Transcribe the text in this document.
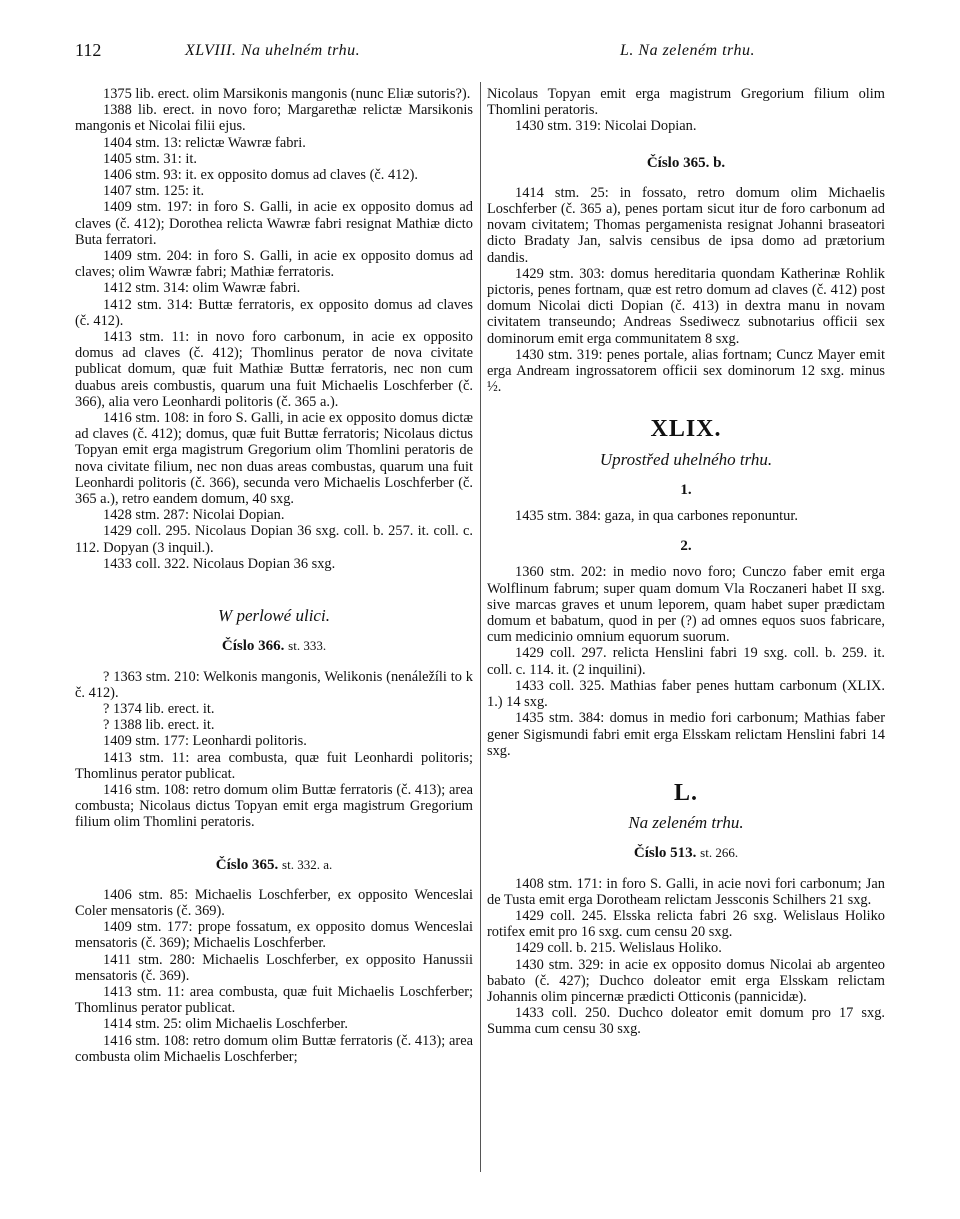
112	XLVIII. Na uhelném trhu.	L. Na zeleném trhu.

1375 lib. erect. olim Marsikonis mangonis (nunc Eliæ sutoris?).

1388 lib. erect. in novo foro; Margarethæ relictæ Marsikonis mangonis et Nicolai filii ejus.

1404 stm. 13: relictæ Wawræ fabri.

1405 stm. 31: it.

1406 stm. 93: it. ex opposito domus ad claves (č. 412).

1407 stm. 125: it.

1409 stm. 197: in foro S. Galli, in acie ex opposito domus ad claves (č. 412); Dorothea relicta Wawræ fabri resignat Mathiæ dicto Buta ferratori.

1409 stm. 204: in foro S. Galli, in acie ex opposito domus ad claves; olim Wawræ fabri; Mathiæ ferratoris.

1412 stm. 314: olim Wawræ fabri.

1412 stm. 314: Buttæ ferratoris, ex opposito domus ad claves (č. 412).

1413 stm. 11: in novo foro carbonum, in acie ex opposito domus ad claves (č. 412); Thomlinus perator de nova civitate publicat domum, quæ fuit Mathiæ Buttæ ferratoris, nec non cum duabus areis combustis, quarum una fuit Michaelis Loschferber (č. 366), alia vero Leonhardi politoris (č. 365 a.).

1416 stm. 108: in foro S. Galli, in acie ex opposito domus dictæ ad claves (č. 412); domus, quæ fuit Buttæ ferratoris; Nicolaus dictus Topyan emit erga magistrum Gregorium olim Thomlini peratoris de nova civitate filium, nec non duas areas combustas, quarum una fuit Leonhardi politoris (č. 366), secunda vero Michaelis Loschferber (č. 365 a.), retro eandem domum, 40 sxg.

1428 stm. 287: Nicolai Dopian.

1429 coll. 295. Nicolaus Dopian 36 sxg. coll. b. 257. it. coll. c. 112. Dopyan (3 inquil.).

1433 coll. 322. Nicolaus Dopian 36 sxg.

W perlowé ulici.

Číslo 366. st. 333.

? 1363 stm. 210: Welkonis mangonis, Welikonis (nenáležíli to k č. 412).

? 1374 lib. erect. it.

? 1388 lib. erect. it.

1409 stm. 177: Leonhardi politoris.

1413 stm. 11: area combusta, quæ fuit Leonhardi politoris; Thomlinus perator publicat.

1416 stm. 108: retro domum olim Buttæ ferratoris (č. 413); area combusta; Nicolaus dictus Topyan emit erga magistrum Gregorium filium olim Thomlini peratoris.

Číslo 365. st. 332. a.

1406 stm. 85: Michaelis Loschferber, ex opposito Wenceslai Coler mensatoris (č. 369).

1409 stm. 177: prope fossatum, ex opposito domus Wenceslai mensatoris (č. 369); Michaelis Loschferber.

1411 stm. 280: Michaelis Loschferber, ex opposito Hanussii mensatoris (č. 369).

1413 stm. 11: area combusta, quæ fuit Michaelis Loschferber; Thomlinus perator publicat.

1414 stm. 25: olim Michaelis Loschferber.

1416 stm. 108: retro domum olim Buttæ ferratoris (č. 413); area combusta olim Michaelis Loschferber;

Nicolaus Topyan emit erga magistrum Gregorium filium olim Thomlini peratoris.

1430 stm. 319: Nicolai Dopian.

Číslo 365. b.

1414 stm. 25: in fossato, retro domum olim Michaelis Loschferber (č. 365 a), penes portam sicut itur de foro carbonum ad novam civitatem; Thomas pergamenista resignat Johanni braseatori dicto Bradaty Jan, salvis censibus de ipsa domo ad prætorium dandis.

1429 stm. 303: domus hereditaria quondam Katherinæ Rohlik pictoris, penes fortnam, quæ est retro domum ad claves (č. 412) post domum Nicolai dicti Dopian (č. 413) in dextra manu in novam civitatem transeundo; Andreas Ssediwecz subnotarius officii sex dominorum emit erga communitatem 8 sxg.

1430 stm. 319: penes portale, alias fortnam; Cuncz Mayer emit erga Andream ingrossatorem officii sex dominorum 12 sxg. minus ½.

XLIX.

Uprostřed uhelného trhu.

1.

1435 stm. 384: gaza, in qua carbones reponuntur.

2.

1360 stm. 202: in medio novo foro; Cunczo faber emit erga Wolflinum fabrum; super quam domum Vla Roczaneri habet II sxg. sive marcas graves et unum leporem, quam habet super prædictam domum et babatum, quod in per (?) ad omnes equos suos fabricare, cum medicinio omnium equorum suorum.

1429 coll. 297. relicta Henslini fabri 19 sxg. coll. b. 259. it. coll. c. 114. it. (2 inquilini).

1433 coll. 325. Mathias faber penes huttam carbonum (XLIX. 1.) 14 sxg.

1435 stm. 384: domus in medio fori carbonum; Mathias faber gener Sigismundi fabri emit erga Elsskam relictam Henslini fabri 14 sxg.

L.

Na zeleném trhu.

Číslo 513. st. 266.

1408 stm. 171: in foro S. Galli, in acie novi fori carbonum; Jan de Tusta emit erga Dorotheam relictam Jessconis Schilhers 21 sxg.

1429 coll. 245. Elsska relicta fabri 26 sxg. Welislaus Holiko rotifex emit pro 16 sxg. cum censu 20 sxg.

1429 coll. b. 215. Welislaus Holiko.

1430 stm. 329: in acie ex opposito domus Nicolai ab argenteo babato (č. 427); Duchco doleator emit erga Elsskam relictam Johannis olim pincernæ prædicti Otticonis (pannicidæ).

1433 coll. 250. Duchco doleator emit domum pro 17 sxg. Summa cum censu 30 sxg.
